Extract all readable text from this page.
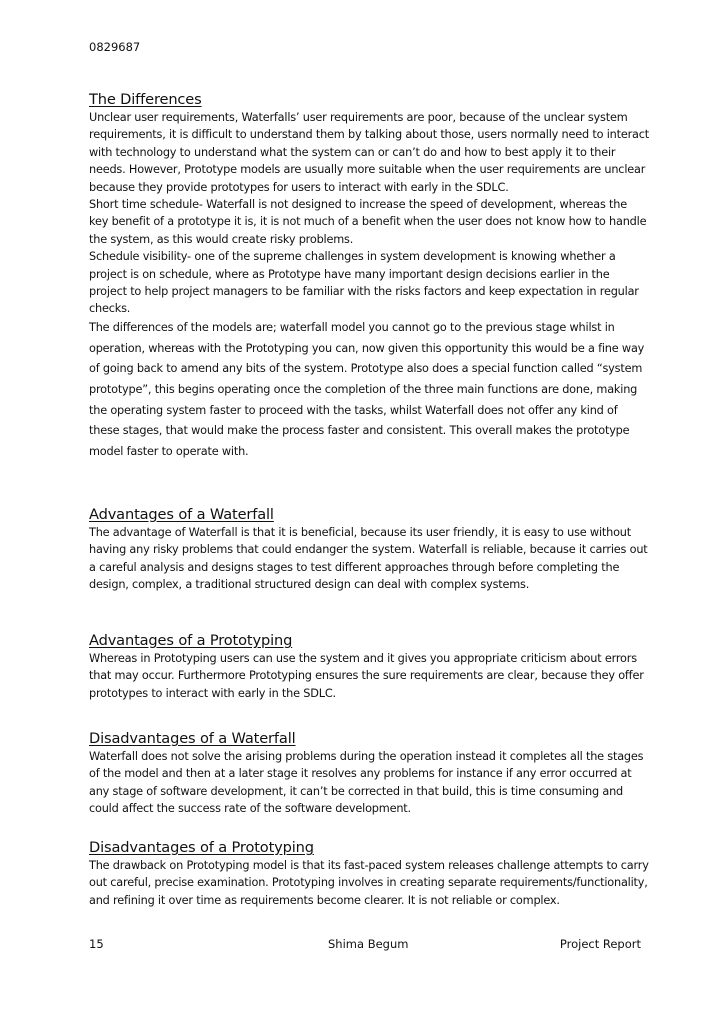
0829687
The Differences

Unclear user requirements, Waterfalls’ user requirements are poor, because of the unclear system requirements, it is difficult to understand them by talking about those, users normally need to interact with technology to understand what the system can or can’t do and how to best apply it to their needs. However, Prototype models are usually more suitable when the user requirements are unclear because they provide prototypes for users to interact with early in the SDLC.

Short time schedule- Waterfall is not designed to increase the speed of development, whereas the key benefit of a prototype it is, it is not much of a benefit when the user does not know how to handle the system, as this would create risky problems.

Schedule visibility- one of the supreme challenges in system development is knowing whether a project is on schedule, where as Prototype have many important design decisions earlier in the project to help project managers to be familiar with the risks factors and keep expectation in regular checks.

The differences of the models are; waterfall model you cannot go to the previous stage whilst in operation, whereas with the Prototyping you can, now given this opportunity this would be a fine way of going back to amend any bits of the system. Prototype also does a special function called “system prototype”, this begins operating once the completion of the three main functions are done, making the operating system faster to proceed with the tasks, whilst Waterfall does not offer any kind of these stages, that would make the process faster and consistent. This overall makes the prototype model faster to operate with.

Advantages of a Waterfall

The advantage of Waterfall is that it is beneficial, because its user friendly, it is easy to use without having any risky problems that could endanger the system. Waterfall is reliable, because it carries out a careful analysis and designs stages to test different approaches through before completing the design, complex, a traditional structured design can deal with complex systems.

Advantages of a Prototyping

Whereas in Prototyping users can use the system and it gives you appropriate criticism about errors that may occur. Furthermore Prototyping ensures the sure requirements are clear, because they offer prototypes to interact with early in the SDLC.

Disadvantages of a Waterfall

Waterfall does not solve the arising problems during the operation instead it completes all the stages of the model and then at a later stage it resolves any problems for instance if any error occurred at any stage of software development, it can’t be corrected in that build, this is time consuming and could affect the success rate of the software development.

Disadvantages of a Prototyping

The drawback on Prototyping model is that its fast-paced system releases challenge attempts to carry out careful, precise examination. Prototyping involves in creating separate requirements/functionality, and refining it over time as requirements become clearer. It is not reliable or complex.

15	Shima Begum	Project Report
